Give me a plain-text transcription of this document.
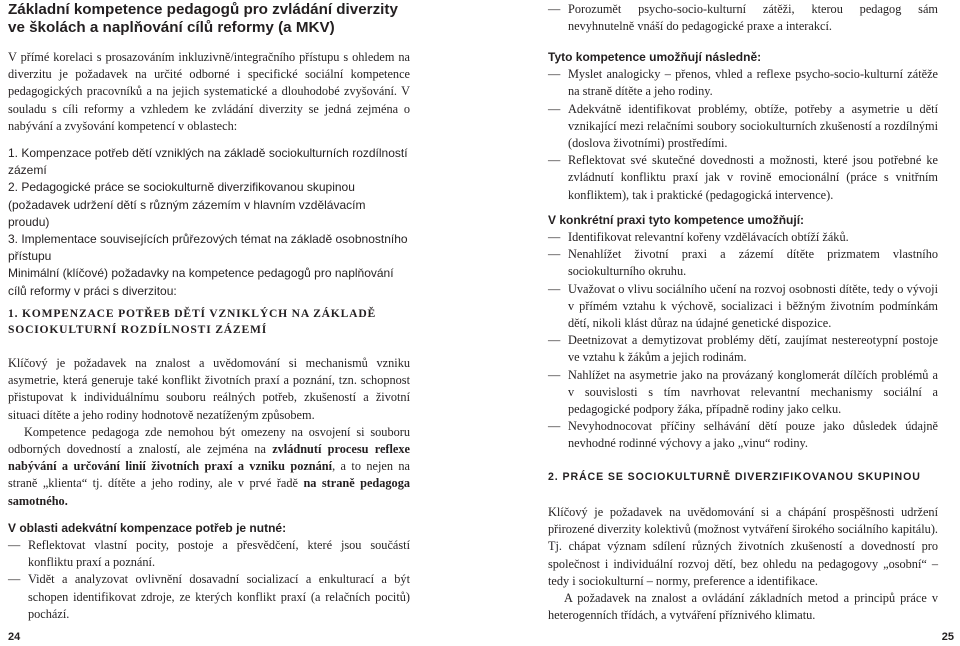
Základní kompetence pedagogů pro zvládání diverzity
ve školách a naplňování cílů reformy (a MKV)

V přímé korelaci s prosazováním inkluzivně/integračního přístupu s ohledem na diverzitu je požadavek na určité odborné i specifické sociální kompetence pedagogických pracovníků a na jejich systematické a dlouhodobé zvyšování. V souladu s cíli reformy a vzhledem ke zvládání diverzity se jedná zejména o nabývání a zvyšování kompetencí v oblastech:

1. Kompenzace potřeb dětí vzniklých na základě sociokulturních rozdílností zázemí

2. Pedagogické práce se sociokulturně diverzifikovanou skupinou (požadavek udržení dětí s různým zázemím v hlavním vzdělávacím proudu)

3. Implementace souvisejících průřezových témat na základě osobnostního přístupu

Minimální (klíčové) požadavky na kompetence pedagogů pro naplňování cílů reformy v práci s diverzitou:

1. KOMPENZACE POTŘEB DĚTÍ VZNIKLÝCH NA ZÁKLADĚ
SOCIOKULTURNÍ ROZDÍLNOSTI ZÁZEMÍ

Klíčový je požadavek na znalost a uvědomování si mechanismů vzniku asymetrie, která generuje také konflikt životních praxí a poznání, tzn. schopnost přistupovat k individuálnímu souboru reálných potřeb, zkušeností a životní situaci dítěte a jeho rodiny hodnotově nezatíženým způsobem.

Kompetence pedagoga zde nemohou být omezeny na osvojení si souboru odborných dovedností a znalostí, ale zejména na zvládnutí procesu reflexe nabývání a určování linií životních praxí a vzniku poznání, a to nejen na straně „klienta“ tj. dítěte a jeho rodiny, ale v prvé řadě na straně pedagoga samotného.

V oblasti adekvátní kompenzace potřeb je nutné:

— Reflektovat vlastní pocity, postoje a přesvědčení, které jsou součástí konfliktu praxí a poznání.

— Vidět a analyzovat ovlivnění dosavadní socializací a enkulturací a být schopen identifikovat zdroje, ze kterých konflikt praxí (a relačních pocitů) pochází.

24

— Porozumět psycho-socio-kulturní zátěži, kterou pedagog sám nevyhnutelně vnáší do pedagogické praxe a interakcí.

Tyto kompetence umožňují následně:

— Myslet analogicky – přenos, vhled a reflexe psycho-socio-kulturní zátěže na straně dítěte a jeho rodiny.

— Adekvátně identifikovat problémy, obtíže, potřeby a asymetrie u dětí vznikající mezi relačními soubory sociokulturních zkušeností a rozdílnými (doslova životními) prostředími.

— Reflektovat své skutečné dovednosti a možnosti, které jsou potřebné ke zvládnutí konfliktu praxí jak v rovině emocionální (práce s vnitřním konfliktem), tak i praktické (pedagogická intervence).

V konkrétní praxi tyto kompetence umožňují:

— Identifikovat relevantní kořeny vzdělávacích obtíží žáků.

— Nenahlížet životní praxi a zázemí dítěte prizmatem vlastního sociokulturního okruhu.

— Uvažovat o vlivu sociálního učení na rozvoj osobnosti dítěte, tedy o vývoji v přímém vztahu k výchově, socializaci i běžným životním podmínkám dětí, nikoli klást důraz na údajné genetické dispozice.

— Deetnizovat a demytizovat problémy dětí, zaujímat nestereotypní postoje ve vztahu k žákům a jejich rodinám.

— Nahlížet na asymetrie jako na provázaný konglomerát dílčích problémů a v souvislosti s tím navrhovat relevantní mechanismy sociální a pedagogické podpory žáka, případně rodiny jako celku.

— Nevyhodnocovat příčiny selhávání dětí pouze jako důsledek údajně nevhodné rodinné výchovy a jako „vinu“ rodiny.

2. PRÁCE SE SOCIOKULTURNĚ DIVERZIFIKOVANOU SKUPINOU

Klíčový je požadavek na uvědomování si a chápání prospěšnosti udržení přirozené diverzity kolektivů (možnost vytváření širokého sociálního kapitálu). Tj. chápat význam sdílení různých životních zkušeností a dovedností pro společnost i individuální rozvoj dětí, bez ohledu na pedagogovy „osobní“ – tedy i sociokulturní – normy, preference a identifikace.

A požadavek na znalost a ovládání základních metod a principů práce v heterogenních třídách, a vytváření příznivého klimatu.

25
